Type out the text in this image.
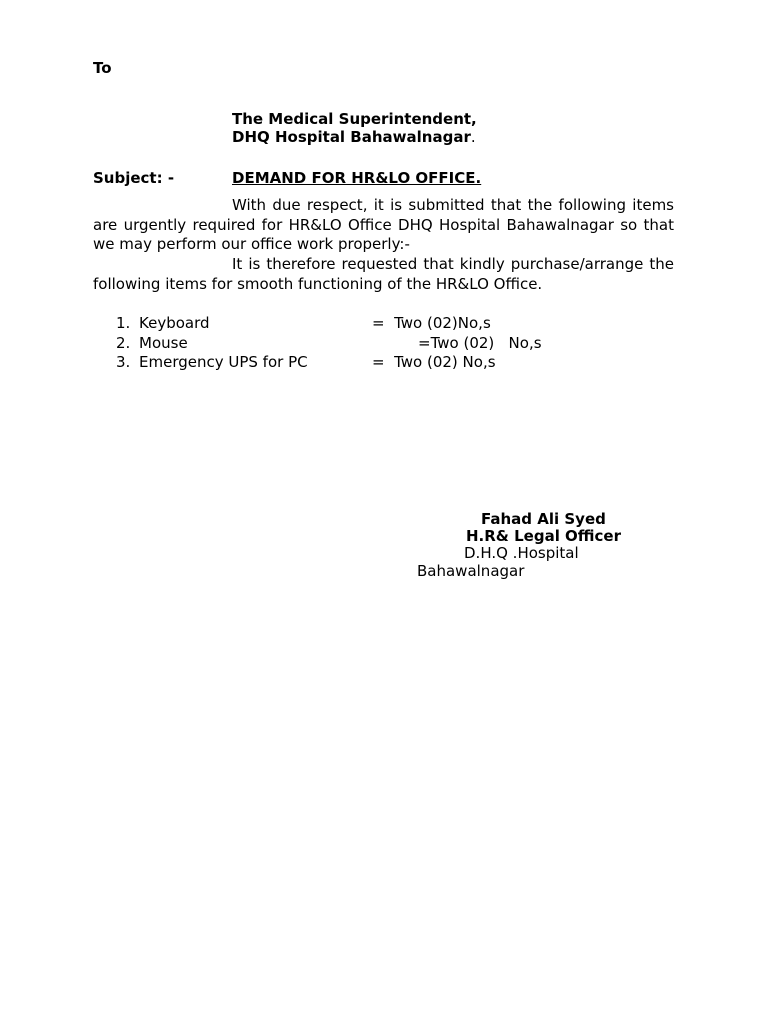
To
The Medical Superintendent,
DHQ Hospital Bahawalnagar.
Subject: -	DEMAND FOR HR&LO OFFICE.
With due respect, it is submitted that the following items are urgently required for HR&LO Office DHQ Hospital Bahawalnagar so that we may perform our office work properly:-
It is therefore requested that kindly purchase/arrange the following items for smooth functioning of the HR&LO Office.
1. Keyboard	=  Two (02)No,s
2. Mouse	=Two (02)   No,s
3. Emergency UPS for PC	=  Two (02) No,s
Fahad Ali Syed
H.R& Legal Officer
D.H.Q .Hospital
Bahawalnagar
